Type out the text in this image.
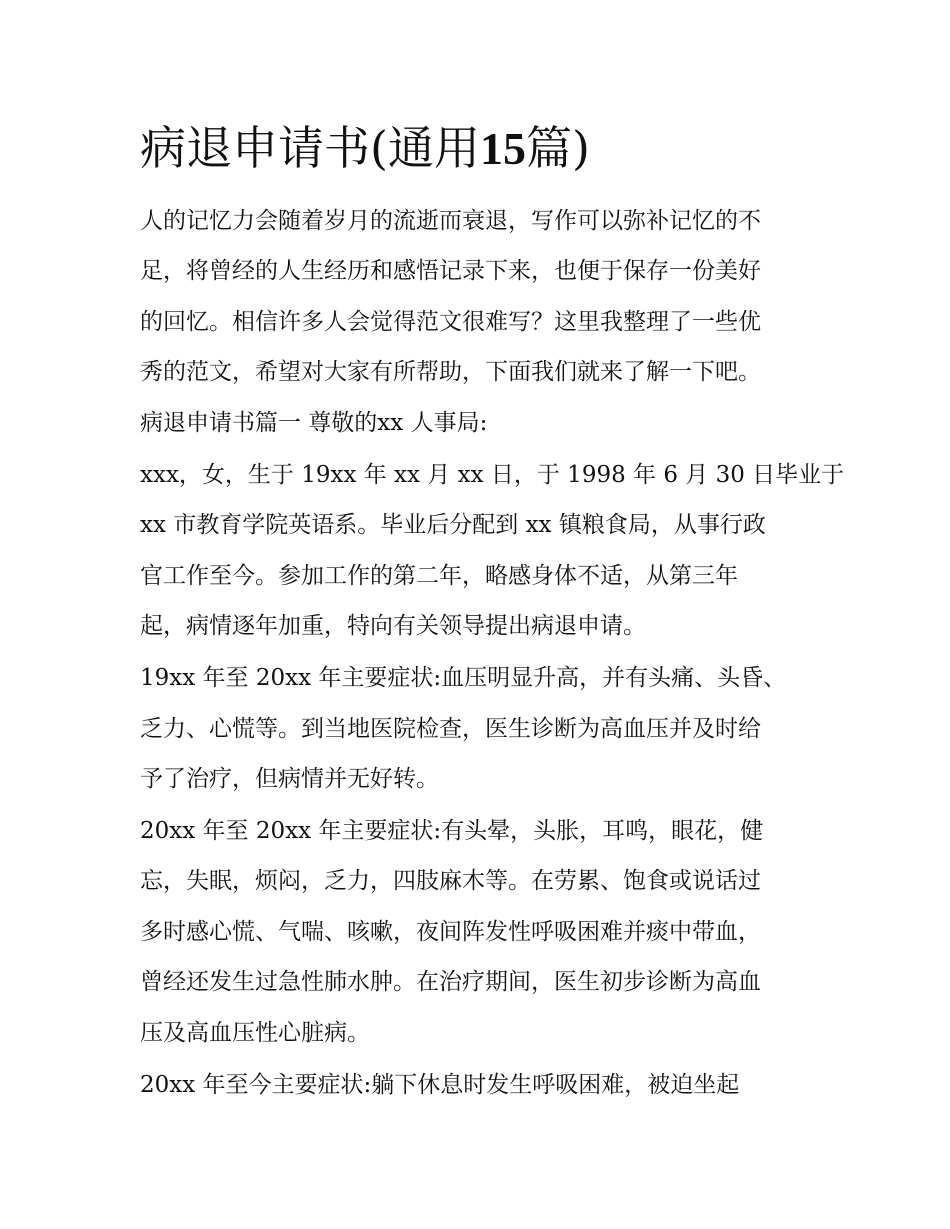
病退申请书(通用15篇)

人的记忆力会随着岁月的流逝而衰退，写作可以弥补记忆的不

足，将曾经的人生经历和感悟记录下来，也便于保存一份美好

的回忆。相信许多人会觉得范文很难写？这里我整理了一些优

秀的范文，希望对大家有所帮助，下面我们就来了解一下吧。

病退申请书篇一 尊敬的xx 人事局:

xxx，女，生于 19xx 年 xx 月 xx 日，于 1998 年 6 月 30 日毕业于

xx 市教育学院英语系。毕业后分配到 xx 镇粮食局，从事行政

官工作至今。参加工作的第二年，略感身体不适，从第三年

起，病情逐年加重，特向有关领导提出病退申请。

19xx 年至 20xx 年主要症状:血压明显升高，并有头痛、头昏、

乏力、心慌等。到当地医院检查，医生诊断为高血压并及时给

予了治疗，但病情并无好转。

20xx 年至 20xx 年主要症状:有头晕，头胀，耳鸣，眼花，健

忘，失眠，烦闷，乏力，四肢麻木等。在劳累、饱食或说话过

多时感心慌、气喘、咳嗽，夜间阵发性呼吸困难并痰中带血，

曾经还发生过急性肺水肿。在治疗期间，医生初步诊断为高血

压及高血压性心脏病。

20xx 年至今主要症状:躺下休息时发生呼吸困难，被迫坐起
